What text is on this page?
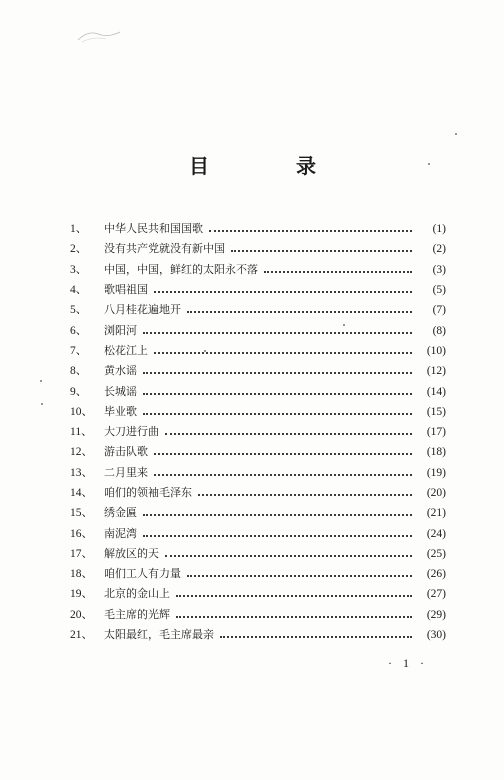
目	录
1、	中华人民共和国国歌	(1)
2、	没有共产党就没有新中国	(2)
3、	中国，中国，鲜红的太阳永不落	(3)
4、	歌唱祖国	(5)
5、	八月桂花遍地开	(7)
6、	浏阳河	(8)
7、	松花江上	(10)
8、	黄水谣	(12)
9、	长城谣	(14)
10、	毕业歌	(15)
11、	大刀进行曲	(17)
12、	游击队歌	(18)
13、	二月里来	(19)
14、	咱们的领袖毛泽东	(20)
15、	绣金匾	(21)
16、	南泥湾	(24)
17、	解放区的天	(25)
18、	咱们工人有力量	(26)
19、	北京的金山上	(27)
20、	毛主席的光辉	(29)
21、	太阳最红，毛主席最亲	(30)
· 1 ·
